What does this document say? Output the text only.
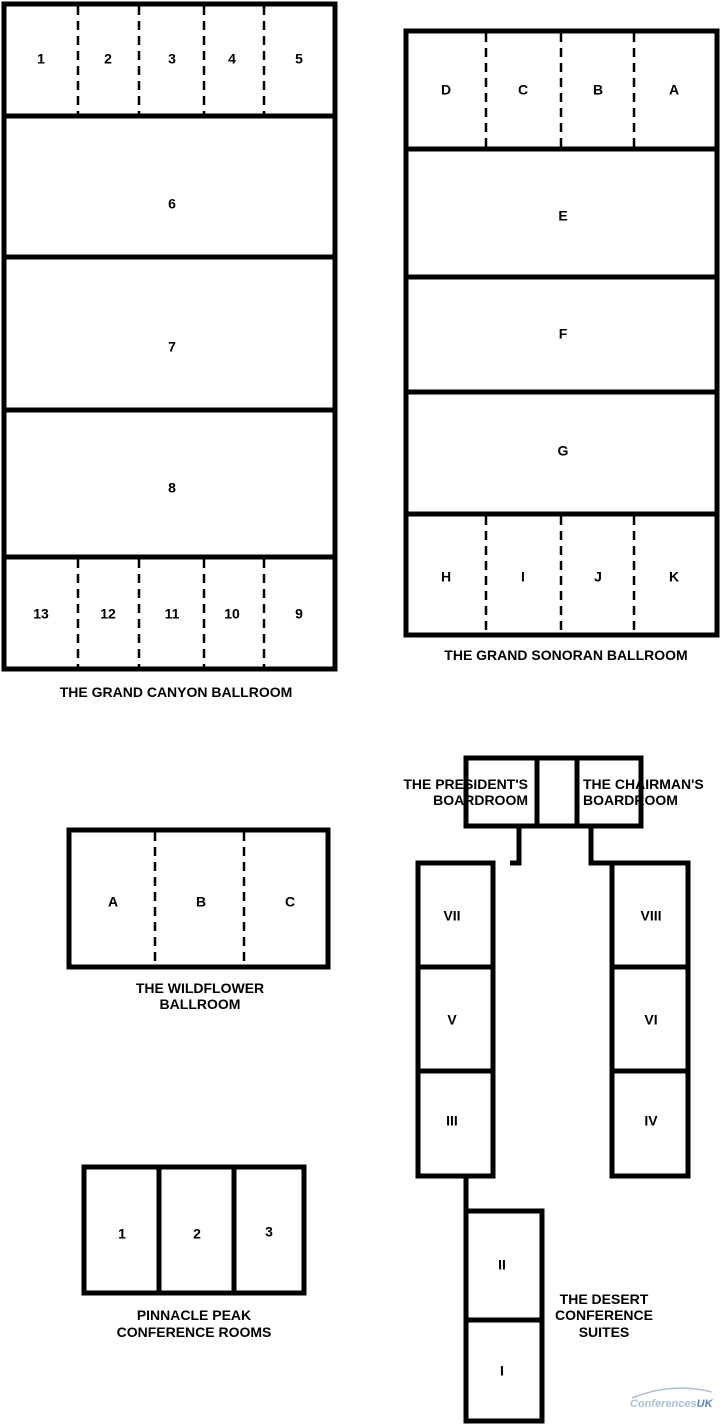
1	2	3	4	5
6
7
8
13	12	11	10	9
THE GRAND CANYON BALLROOM
D	C	B	A
E
F
G
H	I	J	K
THE GRAND SONORAN BALLROOM
A	B	C
THE WILDFLOWER
BALLROOM
1	2	3
PINNACLE PEAK
CONFERENCE ROOMS
THE PRESIDENT'S
BOARDROOM
THE CHAIRMAN'S
BOARDROOM
VII
V
III
VIII
VI
IV
II
I
THE DESERT
CONFERENCE
SUITES
ConferencesUK
